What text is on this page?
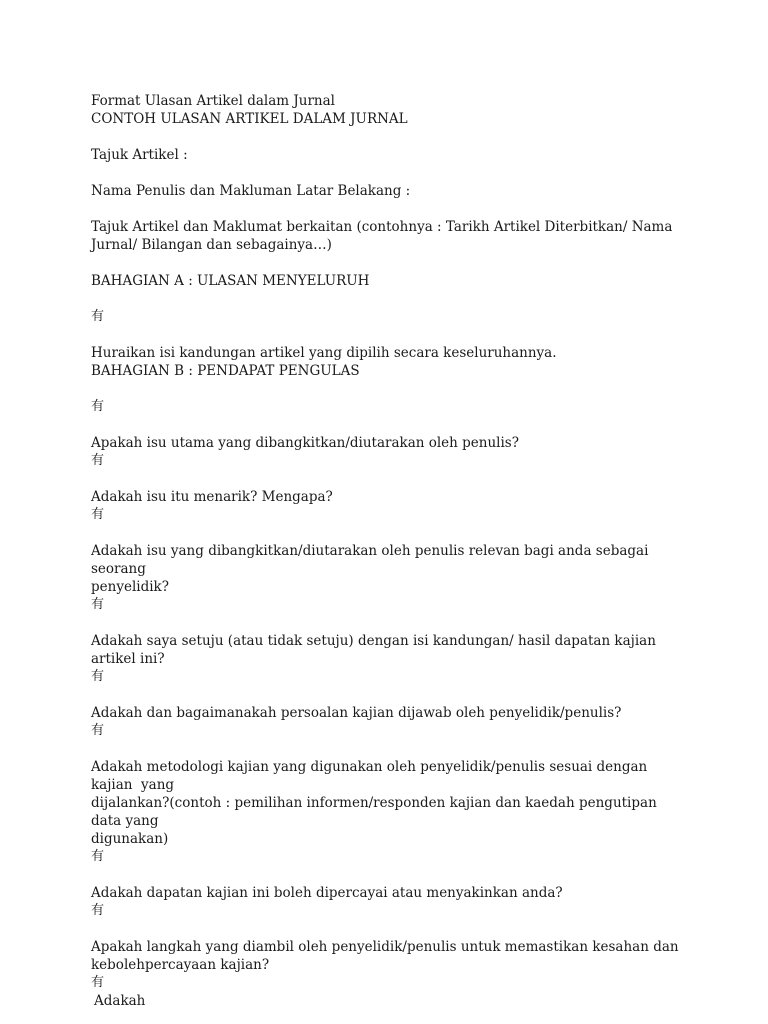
Format Ulasan Artikel dalam Jurnal

CONTOH ULASAN ARTIKEL DALAM JURNAL

Tajuk Artikel :

Nama Penulis dan Makluman Latar Belakang :

Tajuk Artikel dan Maklumat berkaitan (contohnya : Tarikh Artikel Diterbitkan/ Nama

Jurnal/ Bilangan dan sebagainya…)

BAHAGIAN A : ULASAN MENYELURUH

有

Huraikan isi kandungan artikel yang dipilih secara keseluruhannya.

BAHAGIAN B : PENDAPAT PENGULAS

有

Apakah isu utama yang dibangkitkan/diutarakan oleh penulis?

有

Adakah isu itu menarik? Mengapa?

有

Adakah isu yang dibangkitkan/diutarakan oleh penulis relevan bagi anda sebagai seorang

penyelidik?

有

Adakah saya setuju (atau tidak setuju) dengan isi kandungan/ hasil dapatan kajian artikel ini?

有

Adakah dan bagaimanakah persoalan kajian dijawab oleh penyelidik/penulis?

有

Adakah metodologi kajian yang digunakan oleh penyelidik/penulis sesuai dengan kajian  yang

dijalankan?(contoh : pemilihan informen/responden kajian dan kaedah pengutipan data yang

digunakan)

有

Adakah dapatan kajian ini boleh dipercayai atau menyakinkan anda?

有

Apakah langkah yang diambil oleh penyelidik/penulis untuk memastikan kesahan dan

kebolehpercayaan kajian?

有

Adakah
